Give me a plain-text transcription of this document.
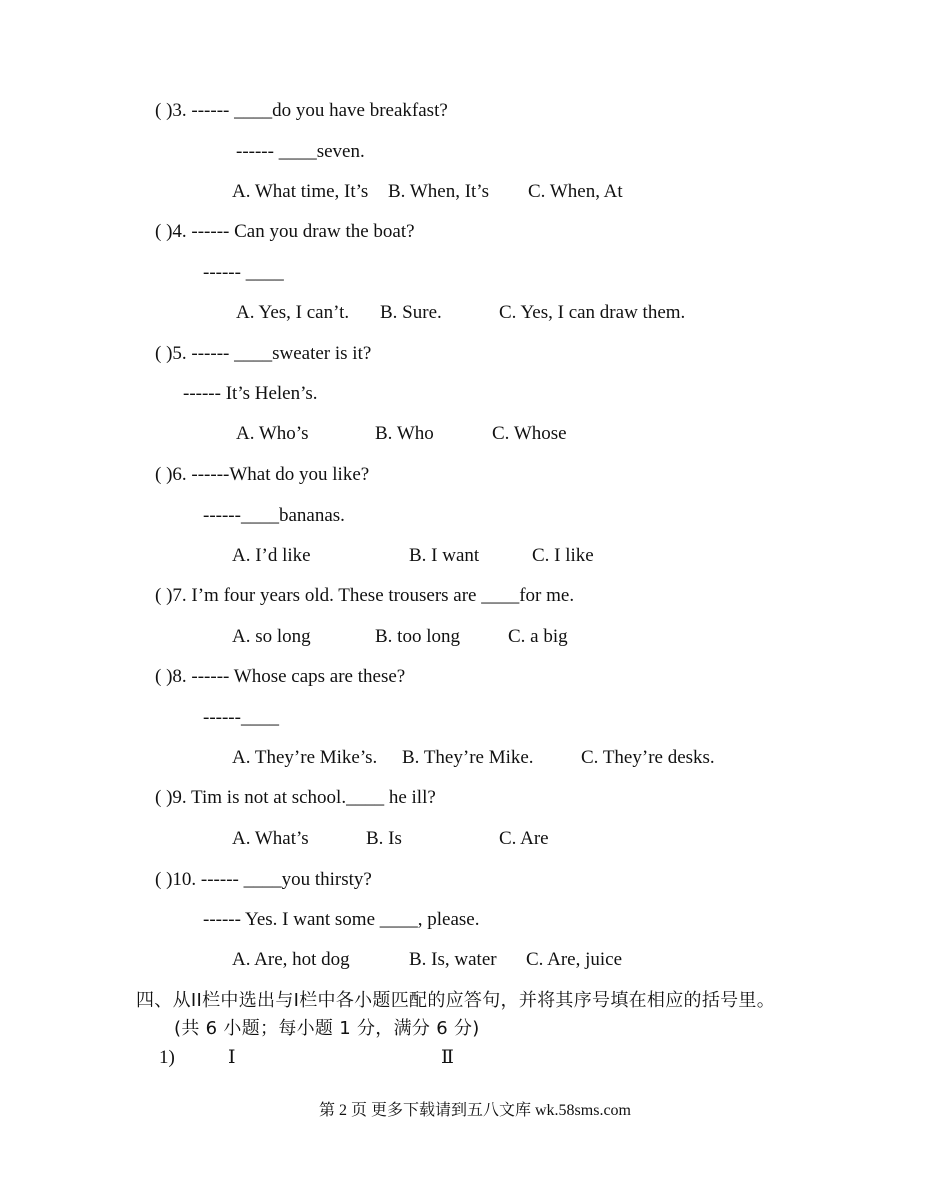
( )3. ------ ____do you have breakfast?
------ ____seven.
A. What time, It’s B. When, It’s C. When, At
( )4. ------ Can you draw the boat?
------ ____
A. Yes, I can’t. B. Sure.	C. Yes, I can draw them.
( )5. ------ ____sweater is it?
------ It’s Helen’s.
A. Who’s	B. Who	C. Whose
( )6. ------What do you like?
------____bananas.
A. I’d like	B. I want	C. I like
( )7. I’m four years old. These trousers are ____for me.
A. so long	B. too long	C. a big
( )8. ------ Whose caps are these?
------____
A. They’re Mike’s. B. They’re Mike. C. They’re desks.
( )9. Tim is not at school.____ he ill?
A. What’s	B. Is	C. Are
( )10. ------ ____you thirsty?
------ Yes. I want some ____, please.
A. Are, hot dog	B. Is, water C. Are, juice
四、从II栏中选出与I栏中各小题匹配的应答句，并将其序号填在相应的括号里。
(共 6 小题；每小题 1 分，满分 6 分)
1)	Ⅰ	Ⅱ
第 2 页 更多下载请到五八文库 wk.58sms.com
